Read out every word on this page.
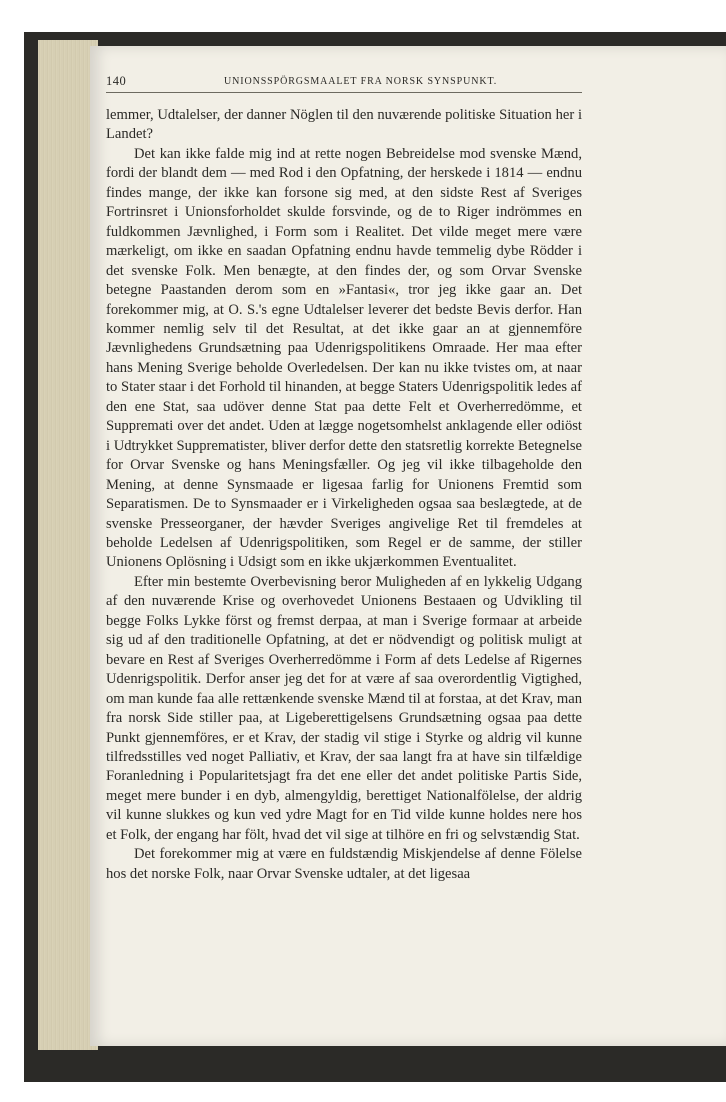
140	UNIONSSPÖRGSMAALET FRA NORSK SYNSPUNKT.

lemmer, Udtalelser, der danner Nöglen til den nuværende politiske Situation her i Landet?

Det kan ikke falde mig ind at rette nogen Bebreidelse mod svenske Mænd, fordi der blandt dem — med Rod i den Opfatning, der herskede i 1814 — endnu findes mange, der ikke kan forsone sig med, at den sidste Rest af Sveriges Fortrinsret i Unionsforholdet skulde forsvinde, og de to Riger indrömmes en fuldkommen Jævnlighed, i Form som i Realitet. Det vilde meget mere være mærkeligt, om ikke en saadan Opfatning endnu havde temmelig dybe Rödder i det svenske Folk. Men benægte, at den findes der, og som Orvar Svenske betegne Paastanden derom som en »Fantasi«, tror jeg ikke gaar an. Det forekommer mig, at O. S.'s egne Udtalelser leverer det bedste Bevis derfor. Han kommer nemlig selv til det Resultat, at det ikke gaar an at gjennemföre Jævnlighedens Grundsætning paa Udenrigspolitikens Omraade. Her maa efter hans Mening Sverige beholde Overledelsen. Der kan nu ikke tvistes om, at naar to Stater staar i det Forhold til hinanden, at begge Staters Udenrigspolitik ledes af den ene Stat, saa udöver denne Stat paa dette Felt et Overherredömme, et Suppremati over det andet. Uden at lægge nogetsomhelst anklagende eller odiöst i Udtrykket Supprematister, bliver derfor dette den statsretlig korrekte Betegnelse for Orvar Svenske og hans Meningsfæller. Og jeg vil ikke tilbageholde den Mening, at denne Synsmaade er ligesaa farlig for Unionens Fremtid som Separatismen. De to Synsmaader er i Virkeligheden ogsaa saa beslægtede, at de svenske Presseorganer, der hævder Sveriges angivelige Ret til fremdeles at beholde Ledelsen af Udenrigspolitiken, som Regel er de samme, der stiller Unionens Oplösning i Udsigt som en ikke ukjærkommen Eventualitet.

Efter min bestemte Overbevisning beror Muligheden af en lykkelig Udgang af den nuværende Krise og overhovedet Unionens Bestaaen og Udvikling til begge Folks Lykke först og fremst derpaa, at man i Sverige formaar at arbeide sig ud af den traditionelle Opfatning, at det er nödvendigt og politisk muligt at bevare en Rest af Sveriges Overherredömme i Form af dets Ledelse af Rigernes Udenrigspolitik. Derfor anser jeg det for at være af saa overordentlig Vigtighed, om man kunde faa alle rettænkende svenske Mænd til at forstaa, at det Krav, man fra norsk Side stiller paa, at Ligeberettigelsens Grundsætning ogsaa paa dette Punkt gjennemföres, er et Krav, der stadig vil stige i Styrke og aldrig vil kunne tilfredsstilles ved noget Palliativ, et Krav, der saa langt fra at have sin tilfældige Foranledning i Popularitetsjagt fra det ene eller det andet politiske Partis Side, meget mere bunder i en dyb, almengyldig, berettiget Nationalfölelse, der aldrig vil kunne slukkes og kun ved ydre Magt for en Tid vilde kunne holdes nere hos et Folk, der engang har fölt, hvad det vil sige at tilhöre en fri og selvstændig Stat.

Det forekommer mig at være en fuldstændig Miskjendelse af denne Fölelse hos det norske Folk, naar Orvar Svenske udtaler, at det ligesaa
